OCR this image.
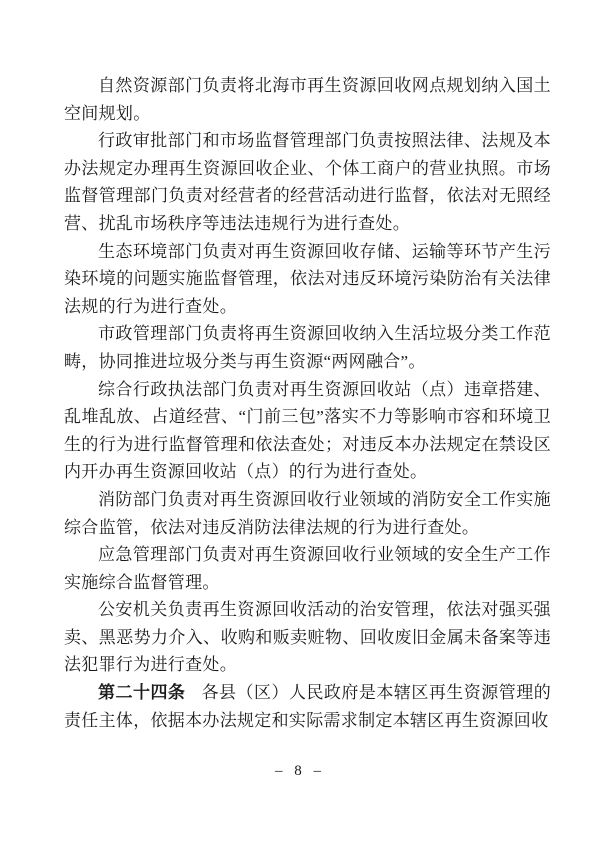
自然资源部门负责将北海市再生资源回收网点规划纳入国土空间规划。

行政审批部门和市场监督管理部门负责按照法律、法规及本办法规定办理再生资源回收企业、个体工商户的营业执照。市场监督管理部门负责对经营者的经营活动进行监督，依法对无照经营、扰乱市场秩序等违法违规行为进行查处。

生态环境部门负责对再生资源回收存储、运输等环节产生污染环境的问题实施监督管理，依法对违反环境污染防治有关法律法规的行为进行查处。

市政管理部门负责将再生资源回收纳入生活垃圾分类工作范畴，协同推进垃圾分类与再生资源“两网融合”。

综合行政执法部门负责对再生资源回收站（点）违章搭建、乱堆乱放、占道经营、“门前三包”落实不力等影响市容和环境卫生的行为进行监督管理和依法查处；对违反本办法规定在禁设区内开办再生资源回收站（点）的行为进行查处。

消防部门负责对再生资源回收行业领域的消防安全工作实施综合监管，依法对违反消防法律法规的行为进行查处。

应急管理部门负责对再生资源回收行业领域的安全生产工作实施综合监督管理。

公安机关负责再生资源回收活动的治安管理，依法对强买强卖、黑恶势力介入、收购和贩卖赃物、回收废旧金属未备案等违法犯罪行为进行查处。

第二十四条 各县（区）人民政府是本辖区再生资源管理的责任主体，依据本办法规定和实际需求制定本辖区再生资源回收

– 8 –
